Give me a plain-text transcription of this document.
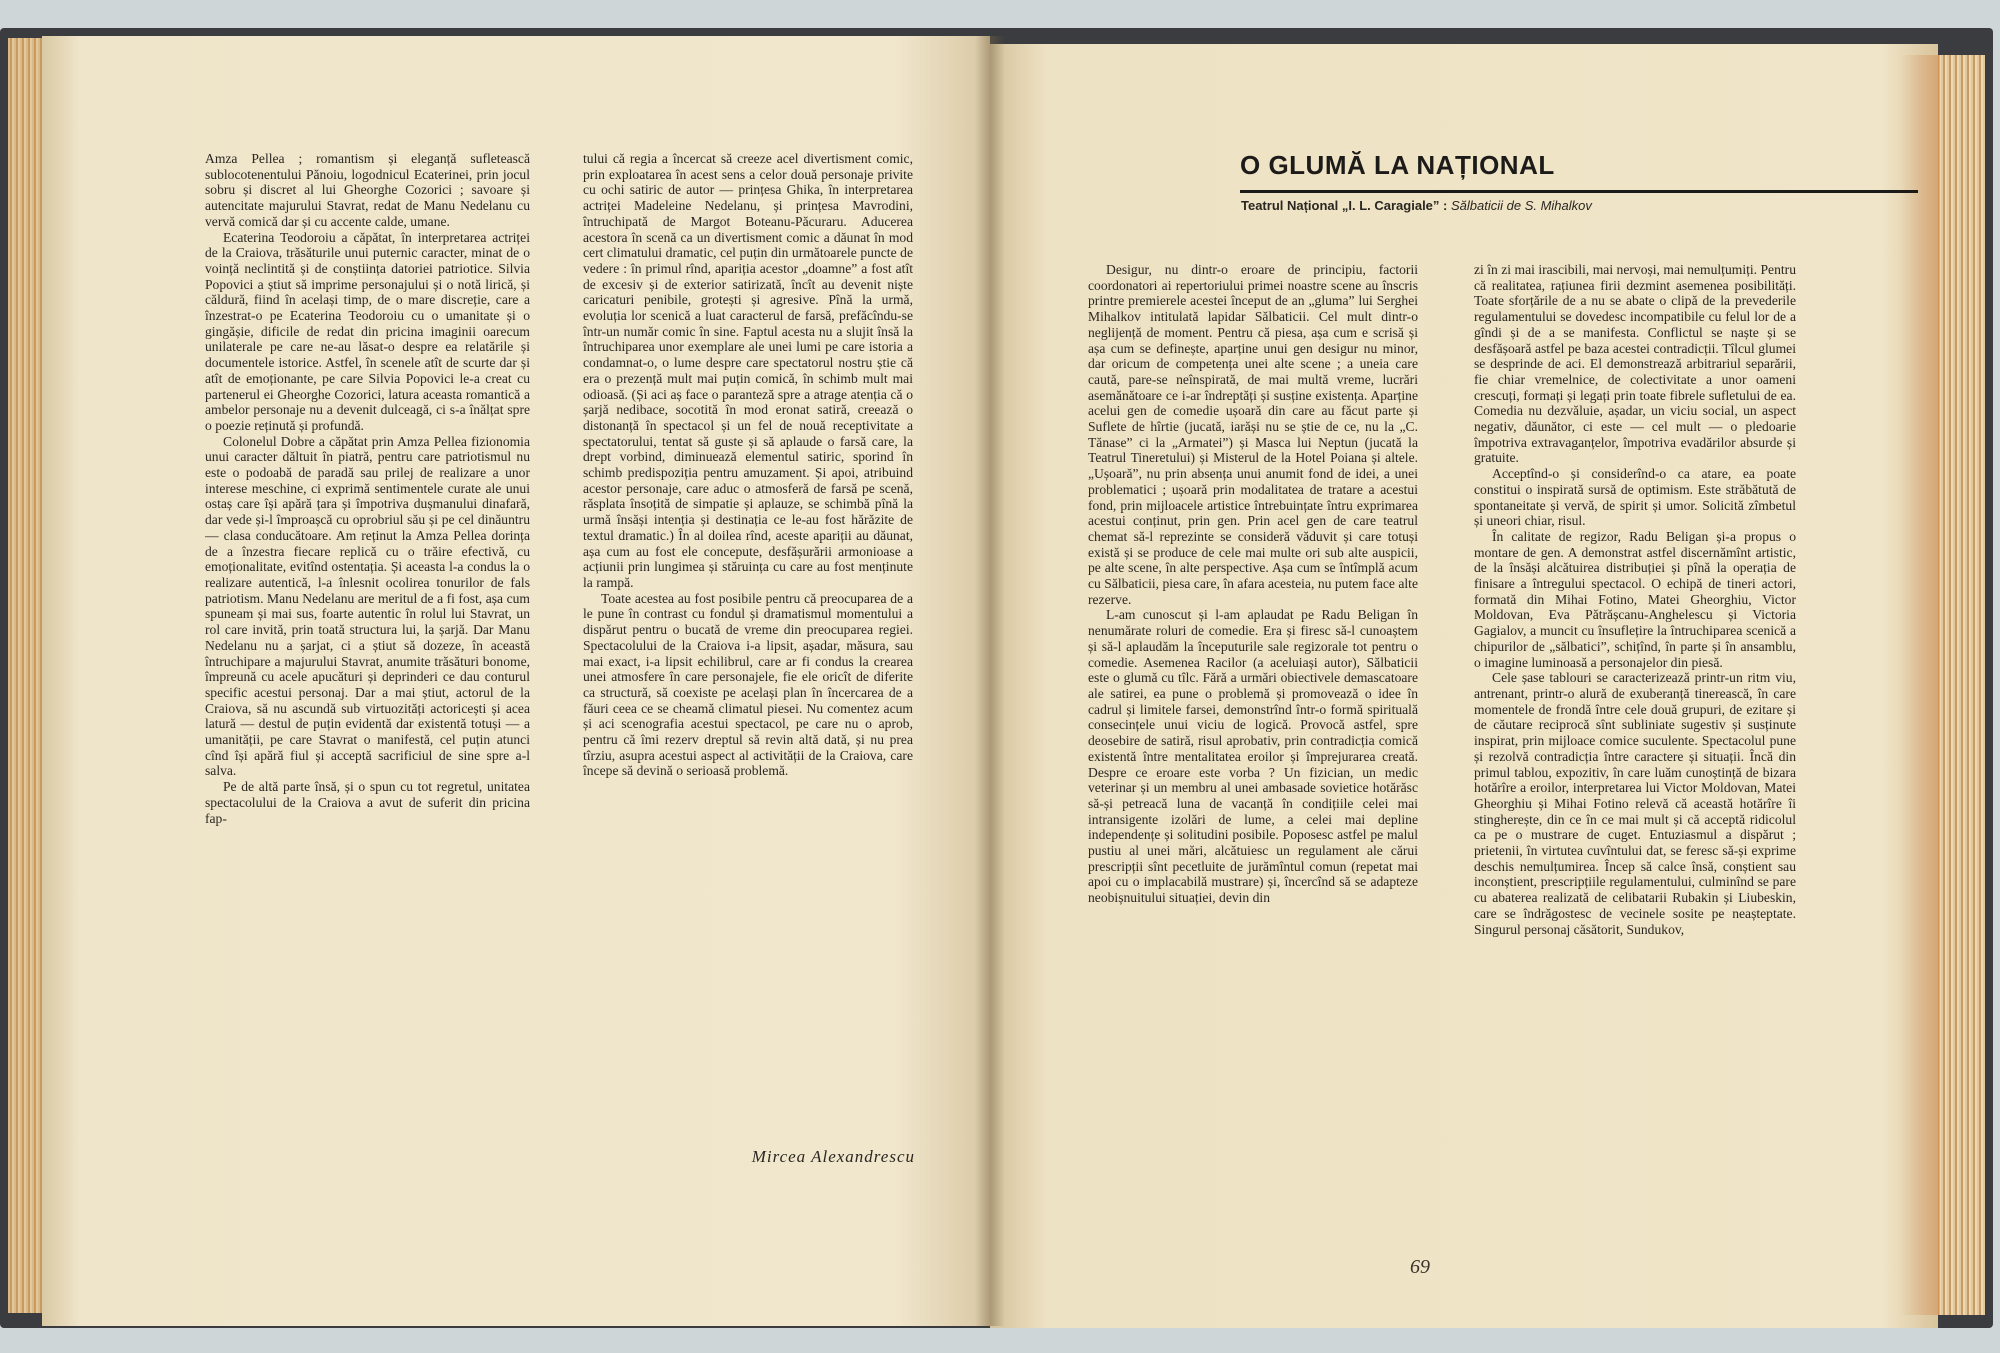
Amza Pellea ; romantism și eleganță sufletească sublocotenentului Pănoiu, logodnicul Ecaterinei, prin jocul sobru și discret al lui Gheorghe Cozorici ; savoare și autencitate majurului Stavrat, redat de Manu Nedelanu cu vervă comică dar și cu accente calde, umane.

Ecaterina Teodoroiu a căpătat, în interpretarea actriței de la Craiova, trăsăturile unui puternic caracter, minat de o voință neclintită și de conștiința datoriei patriotice. Silvia Popovici a știut să imprime personajului și o notă lirică, și căldură, fiind în același timp, de o mare discreție, care a înzestrat-o pe Ecaterina Teodoroiu cu o umanitate și o gingășie, dificile de redat din pricina imaginii oarecum unilaterale pe care ne-au lăsat-o despre ea relatările și documentele istorice. Astfel, în scenele atît de scurte dar și atît de emoționante, pe care Silvia Popovici le-a creat cu partenerul ei Gheorghe Cozorici, latura aceasta romantică a ambelor personaje nu a devenit dulceagă, ci s-a înălțat spre o poezie reținută și profundă.

Colonelul Dobre a căpătat prin Amza Pellea fizionomia unui caracter dăltuit în piatră, pentru care patriotismul nu este o podoabă de paradă sau prilej de realizare a unor interese meschine, ci exprimă sentimentele curate ale unui ostaș care își apără țara și împotriva dușmanului dinafară, dar vede și-l împroașcă cu oprobriul său și pe cel dinăuntru — clasa conducătoare. Am reținut la Amza Pellea dorința de a înzestra fiecare replică cu o trăire efectivă, cu emoționalitate, evitînd ostentația. Și aceasta l-a condus la o realizare autentică, l-a înlesnit ocolirea tonurilor de fals patriotism. Manu Nedelanu are meritul de a fi fost, așa cum spuneam și mai sus, foarte autentic în rolul lui Stavrat, un rol care invită, prin toată structura lui, la șarjă. Dar Manu Nedelanu nu a șarjat, ci a știut să dozeze, în această întruchipare a majurului Stavrat, anumite trăsături bonome, împreună cu acele apucături și deprinderi ce dau conturul specific acestui personaj. Dar a mai știut, actorul de la Craiova, să nu ascundă sub virtuozități actoricești și acea latură — destul de puțin evidentă dar existentă totuși — a umanității, pe care Stavrat o manifestă, cel puțin atunci cînd își apără fiul și acceptă sacrificiul de sine spre a-l salva.

Pe de altă parte însă, și o spun cu tot regretul, unitatea spectacolului de la Craiova a avut de suferit din pricina fap-

tului că regia a încercat să creeze acel divertisment comic, prin exploatarea în acest sens a celor două personaje privite cu ochi satiric de autor — prințesa Ghika, în interpretarea actriței Madeleine Nedelanu, și prințesa Mavrodini, întruchipată de Margot Boteanu-Păcuraru. Aducerea acestora în scenă ca un divertisment comic a dăunat în mod cert climatului dramatic, cel puțin din următoarele puncte de vedere : în primul rînd, apariția acestor „doamne” a fost atît de excesiv și de exterior satirizată, încît au devenit niște caricaturi penibile, grotești și agresive. Pînă la urmă, evoluția lor scenică a luat caracterul de farsă, prefăcîndu-se într-un număr comic în sine. Faptul acesta nu a slujit însă la întruchiparea unor exemplare ale unei lumi pe care istoria a condamnat-o, o lume despre care spectatorul nostru știe că era o prezență mult mai puțin comică, în schimb mult mai odioasă. (Și aci aș face o paranteză spre a atrage atenția că o șarjă nedibace, socotită în mod eronat satiră, creează o distonanță în spectacol și un fel de nouă receptivitate a spectatorului, tentat să guste și să aplaude o farsă care, la drept vorbind, diminuează elementul satiric, sporind în schimb predispoziția pentru amuzament. Și apoi, atribuind acestor personaje, care aduc o atmosferă de farsă pe scenă, răsplata însoțită de simpatie și aplauze, se schimbă pînă la urmă însăși intenția și destinația ce le-au fost hărăzite de textul dramatic.) În al doilea rînd, aceste apariții au dăunat, așa cum au fost ele concepute, desfășurării armonioase a acțiunii prin lungimea și stăruința cu care au fost menținute la rampă.

Toate acestea au fost posibile pentru că preocuparea de a le pune în contrast cu fondul și dramatismul momentului a dispărut pentru o bucată de vreme din preocuparea regiei. Spectacolului de la Craiova i-a lipsit, așadar, măsura, sau mai exact, i-a lipsit echilibrul, care ar fi condus la crearea unei atmosfere în care personajele, fie ele oricît de diferite ca structură, să coexiste pe același plan în încercarea de a făuri ceea ce se cheamă climatul piesei. Nu comentez acum și aci scenografia acestui spectacol, pe care nu o aprob, pentru că îmi rezerv dreptul să revin altă dată, și nu prea tîrziu, asupra acestui aspect al activității de la Craiova, care începe să devină o serioasă problemă.

Mircea Alexandrescu
O GLUMĂ LA NAȚIONAL
Teatrul Național „I. L. Caragiale” : Sălbaticii de S. Mihalkov

Desigur, nu dintr-o eroare de principiu, factorii coordonatori ai repertoriului primei noastre scene au înscris printre premierele acestei început de an „gluma” lui Serghei Mihalkov intitulată lapidar Sălbaticii. Cel mult dintr-o neglijență de moment. Pentru că piesa, așa cum e scrisă și așa cum se definește, aparține unui gen desigur nu minor, dar oricum de competența unei alte scene ; a uneia care caută, pare-se neînspirată, de mai multă vreme, lucrări asemănătoare ce i-ar îndreptăți și susține existența. Aparține acelui gen de comedie ușoară din care au făcut parte și Suflete de hîrtie (jucată, iarăși nu se știe de ce, nu la „C. Tănase” ci la „Armatei”) și Masca lui Neptun (jucată la Teatrul Tineretului) și Misterul de la Hotel Poiana și altele. „Ușoară”, nu prin absența unui anumit fond de idei, a unei problematici ; ușoară prin modalitatea de tratare a acestui fond, prin mijloacele artistice întrebuințate întru exprimarea acestui conținut, prin gen. Prin acel gen de care teatrul chemat să-l reprezinte se consideră văduvit și care totuși există și se produce de cele mai multe ori sub alte auspicii, pe alte scene, în alte perspective. Așa cum se întîmplă acum cu Sălbaticii, piesa care, în afara acesteia, nu putem face alte rezerve.

L-am cunoscut și l-am aplaudat pe Radu Beligan în nenumărate roluri de comedie. Era și firesc să-l cunoaștem și să-l aplaudăm la începuturile sale regizorale tot pentru o comedie. Asemenea Racilor (a aceluiași autor), Sălbaticii este o glumă cu tîlc. Fără a urmări obiectivele demascatoare ale satirei, ea pune o problemă și promovează o idee în cadrul și limitele farsei, demonstrînd într-o formă spirituală consecințele unui viciu de logică. Provocă astfel, spre deosebire de satiră, risul aprobativ, prin contradicția comică existentă între mentalitatea eroilor și împrejurarea creată. Despre ce eroare este vorba ? Un fizician, un medic veterinar și un membru al unei ambasade sovietice hotărăsc să-și petreacă luna de vacanță în condițiile celei mai intransigente izolări de lume, a celei mai depline independențe și solitudini posibile. Poposesc astfel pe malul pustiu al unei mări, alcătuiesc un regulament ale cărui prescripții sînt pecetluite de jurămîntul comun (repetat mai apoi cu o implacabilă mustrare) și, încercînd să se adapteze neobișnuitului situației, devin din

zi în zi mai irascibili, mai nervoși, mai nemulțumiți. Pentru că realitatea, rațiunea firii dezmint asemenea posibilități. Toate sforțările de a nu se abate o clipă de la prevederile regulamentului se dovedesc incompatibile cu felul lor de a gîndi și de a se manifesta. Conflictul se naște și se desfășoară astfel pe baza acestei contradicții. Tîlcul glumei se desprinde de aci. El demonstrează arbitrariul separării, fie chiar vremelnice, de colectivitate a unor oameni crescuți, formați și legați prin toate fibrele sufletului de ea. Comedia nu dezvăluie, așadar, un viciu social, un aspect negativ, dăunător, ci este — cel mult — o pledoarie împotriva extravaganțelor, împotriva evadărilor absurde și gratuite.

Acceptînd-o și considerînd-o ca atare, ea poate constitui o inspirată sursă de optimism. Este străbătută de spontaneitate și vervă, de spirit și umor. Solicită zîmbetul și uneori chiar, risul.

În calitate de regizor, Radu Beligan și-a propus o montare de gen. A demonstrat astfel discernămînt artistic, de la însăși alcătuirea distribuției și pînă la operația de finisare a întregului spectacol. O echipă de tineri actori, formată din Mihai Fotino, Matei Gheorghiu, Victor Moldovan, Eva Pătrășcanu-Anghelescu și Victoria Gagialov, a muncit cu însuflețire la întruchiparea scenică a chipurilor de „sălbatici”, schițînd, în parte și în ansamblu, o imagine luminoasă a personajelor din piesă.

Cele șase tablouri se caracterizează printr-un ritm viu, antrenant, printr-o alură de exuberanță tinerească, în care momentele de frondă între cele două grupuri, de ezitare și de căutare reciprocă sînt subliniate sugestiv și susținute inspirat, prin mijloace comice suculente. Spectacolul pune și rezolvă contradicția între caractere și situații. Încă din primul tablou, expozitiv, în care luăm cunoștință de bizara hotărîre a eroilor, interpretarea lui Victor Moldovan, Matei Gheorghiu și Mihai Fotino relevă că această hotărîre îi stingherește, din ce în ce mai mult și că acceptă ridicolul ca pe o mustrare de cuget. Entuziasmul a dispărut ; prietenii, în virtutea cuvîntului dat, se feresc să-și exprime deschis nemulțumirea. Încep să calce însă, conștient sau inconștient, prescripțiile regulamentului, culminînd se pare cu abaterea realizată de celibatarii Rubakin și Liubeskin, care se îndrăgostesc de vecinele sosite pe neașteptate. Singurul personaj căsătorit, Sundukov,

69
